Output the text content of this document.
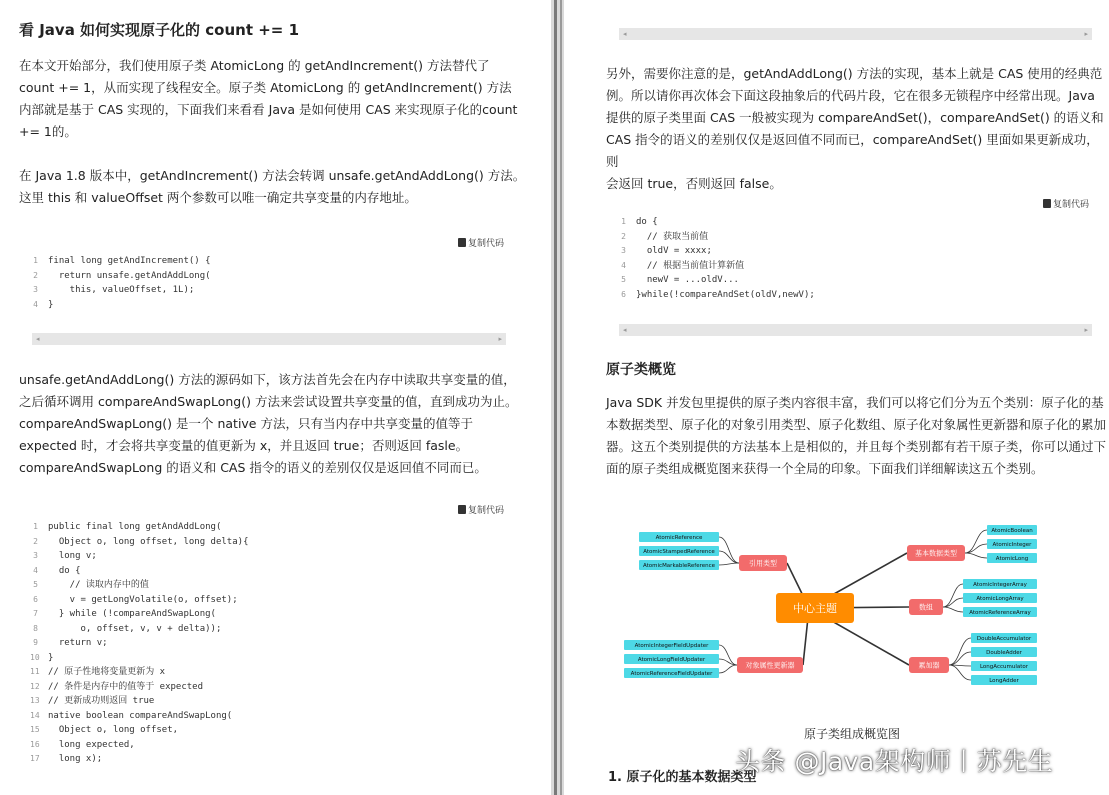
看 Java 如何实现原子化的 count += 1
在本文开始部分，我们使用原子类 AtomicLong 的 getAndIncrement() 方法替代了
count += 1，从而实现了线程安全。原子类 AtomicLong 的 getAndIncrement() 方法
内部就是基于 CAS 实现的，下面我们来看看 Java 是如何使用 CAS 来实现原子化的count
+= 1的。
在 Java 1.8 版本中，getAndIncrement() 方法会转调 unsafe.getAndAddLong() 方法。
这里 this 和 valueOffset 两个参数可以唯一确定共享变量的内存地址。
复制代码
1	final long getAndIncrement() {
2	return unsafe.getAndAddLong(
3	this, valueOffset, 1L);
4	}
◂	▸
unsafe.getAndAddLong() 方法的源码如下，该方法首先会在内存中读取共享变量的值，
之后循环调用 compareAndSwapLong() 方法来尝试设置共享变量的值，直到成功为止。
compareAndSwapLong() 是一个 native 方法，只有当内存中共享变量的值等于
expected 时，才会将共享变量的值更新为 x，并且返回 true；否则返回 fasle。
compareAndSwapLong 的语义和 CAS 指令的语义的差别仅仅是返回值不同而已。
复制代码
1	public final long getAndAddLong(
2	Object o, long offset, long delta){
3	long v;
4	do {
5	// 读取内存中的值
6	v = getLongVolatile(o, offset);
7	} while (!compareAndSwapLong(
8	o, offset, v, v + delta));
9	return v;
10 }
11 // 原子性地将变量更新为 x
12 // 条件是内存中的值等于 expected
13 // 更新成功则返回 true
14 native boolean compareAndSwapLong(
15 Object o, long offset,
16 long expected,
17 long x);
◂	▸
另外，需要你注意的是，getAndAddLong() 方法的实现，基本上就是 CAS 使用的经典范
例。所以请你再次体会下面这段抽象后的代码片段，它在很多无锁程序中经常出现。Java
提供的原子类里面 CAS 一般被实现为 compareAndSet()，compareAndSet() 的语义和
CAS 指令的语义的差别仅仅是返回值不同而已，compareAndSet() 里面如果更新成功，则
会返回 true，否则返回 false。
复制代码
1	do {
2	// 获取当前值
3	oldV = xxxx;
4	// 根据当前值计算新值
5	newV = ...oldV...
6	}while(!compareAndSet(oldV,newV);
◂	▸
原子类概览
Java SDK 并发包里提供的原子类内容很丰富，我们可以将它们分为五个类别：原子化的基
本数据类型、原子化的对象引用类型、原子化数组、原子化对象属性更新器和原子化的累加
器。这五个类别提供的方法基本上是相似的，并且每个类别都有若干原子类，你可以通过下
面的原子类组成概览图来获得一个全局的印象。下面我们详细解读这五个类别。
AtomicReference
AtomicStampedReference
AtomicMarkableReference	引用类型
AtomicBoolean
AtomicInteger
AtomicLong
基本数据类型
AtomicIntegerArray
AtomicLongArray
AtomicReferenceArray
数组
AtomicIntegerFieldUpdater
AtomicLongFieldUpdater
AtomicReferenceFieldUpdater
对象属性更新器
DoubleAccumulator
DoubleAdder
LongAccumulator
LongAdder
累加器
中心主题
原子类组成概览图
1. 原子化的基本数据类型
头条 @Java架构师丨苏先生
